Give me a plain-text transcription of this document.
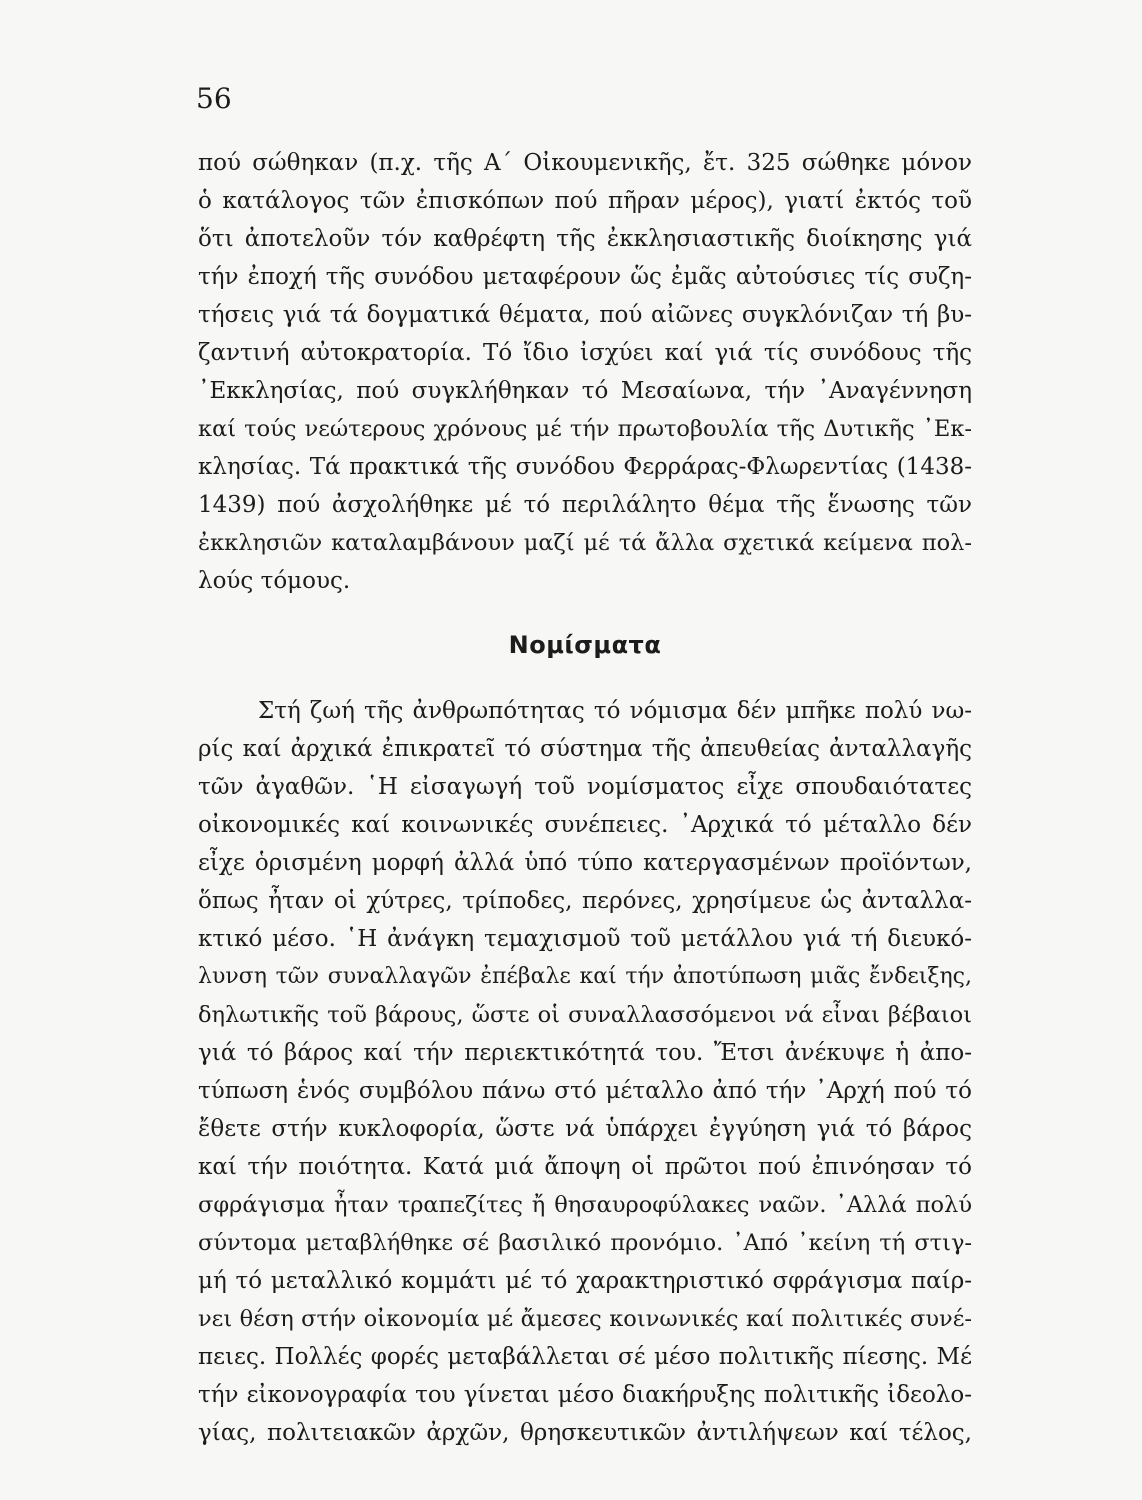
56
πού σώθηκαν (π.χ. τῆς Α΄ Οἰκουμενικῆς, ἔτ. 325 σώθηκε μόνον
ὁ κατάλογος τῶν ἐπισκόπων πού πῆραν μέρος), γιατί ἐκτός τοῦ
ὅτι ἀποτελοῦν τόν καθρέφτη τῆς ἐκκλησιαστικῆς διοίκησης γιά
τήν ἐποχή τῆς συνόδου μεταφέρουν ὥς ἐμᾶς αὐτούσιες τίς συζη-
τήσεις γιά τά δογματικά θέματα, πού αἰῶνες συγκλόνιζαν τή βυ-
ζαντινή αὐτοκρατορία. Τό ἴδιο ἰσχύει καί γιά τίς συνόδους τῆς
᾿Εκκλησίας, πού συγκλήθηκαν τό Μεσαίωνα, τήν ᾿Αναγέννηση
καί τούς νεώτερους χρόνους μέ τήν πρωτοβουλία τῆς Δυτικῆς ᾿Εκ-
κλησίας. Τά πρακτικά τῆς συνόδου Φερράρας-Φλωρεντίας (1438-
1439) πού ἀσχολήθηκε μέ τό περιλάλητο θέμα τῆς ἕνωσης τῶν
ἐκκλησιῶν καταλαμβάνουν μαζί μέ τά ἄλλα σχετικά κείμενα πολ-
λούς τόμους.
Νομίσματα
Στή ζωή τῆς ἀνθρωπότητας τό νόμισμα δέν μπῆκε πολύ νω-
ρίς καί ἀρχικά ἐπικρατεῖ τό σύστημα τῆς ἀπευθείας ἀνταλλαγῆς
τῶν ἀγαθῶν. ῾Η εἰσαγωγή τοῦ νομίσματος εἶχε σπουδαιότατες
οἰκονομικές καί κοινωνικές συνέπειες. ᾿Αρχικά τό μέταλλο δέν
εἶχε ὁρισμένη μορφή ἀλλά ὑπό τύπο κατεργασμένων προϊόντων,
ὅπως ἦταν οἱ χύτρες, τρίποδες, περόνες, χρησίμευε ὡς ἀνταλλα-
κτικό μέσο. ῾Η ἀνάγκη τεμαχισμοῦ τοῦ μετάλλου γιά τή διευκό-
λυνση τῶν συναλλαγῶν ἐπέβαλε καί τήν ἀποτύπωση μιᾶς ἔνδειξης,
δηλωτικῆς τοῦ βάρους, ὥστε οἱ συναλλασσόμενοι νά εἶναι βέβαιοι
γιά τό βάρος καί τήν περιεκτικότητά του. Ἔτσι ἀνέκυψε ἡ ἀπο-
τύπωση ἑνός συμβόλου πάνω στό μέταλλο ἀπό τήν ᾿Αρχή πού τό
ἔθετε στήν κυκλοφορία, ὥστε νά ὑπάρχει ἐγγύηση γιά τό βάρος
καί τήν ποιότητα. Κατά μιά ἄποψη οἱ πρῶτοι πού ἐπινόησαν τό
σφράγισμα ἦταν τραπεζίτες ἤ θησαυροφύλακες ναῶν. ᾿Αλλά πολύ
σύντομα μεταβλήθηκε σέ βασιλικό προνόμιο. ᾿Από ᾿κείνη τή στιγ-
μή τό μεταλλικό κομμάτι μέ τό χαρακτηριστικό σφράγισμα παίρ-
νει θέση στήν οἰκονομία μέ ἄμεσες κοινωνικές καί πολιτικές συνέ-
πειες. Πολλές φορές μεταβάλλεται σέ μέσο πολιτικῆς πίεσης. Μέ
τήν εἰκονογραφία του γίνεται μέσο διακήρυξης πολιτικῆς ἰδεολο-
γίας, πολιτειακῶν ἀρχῶν, θρησκευτικῶν ἀντιλήψεων καί τέλος,
